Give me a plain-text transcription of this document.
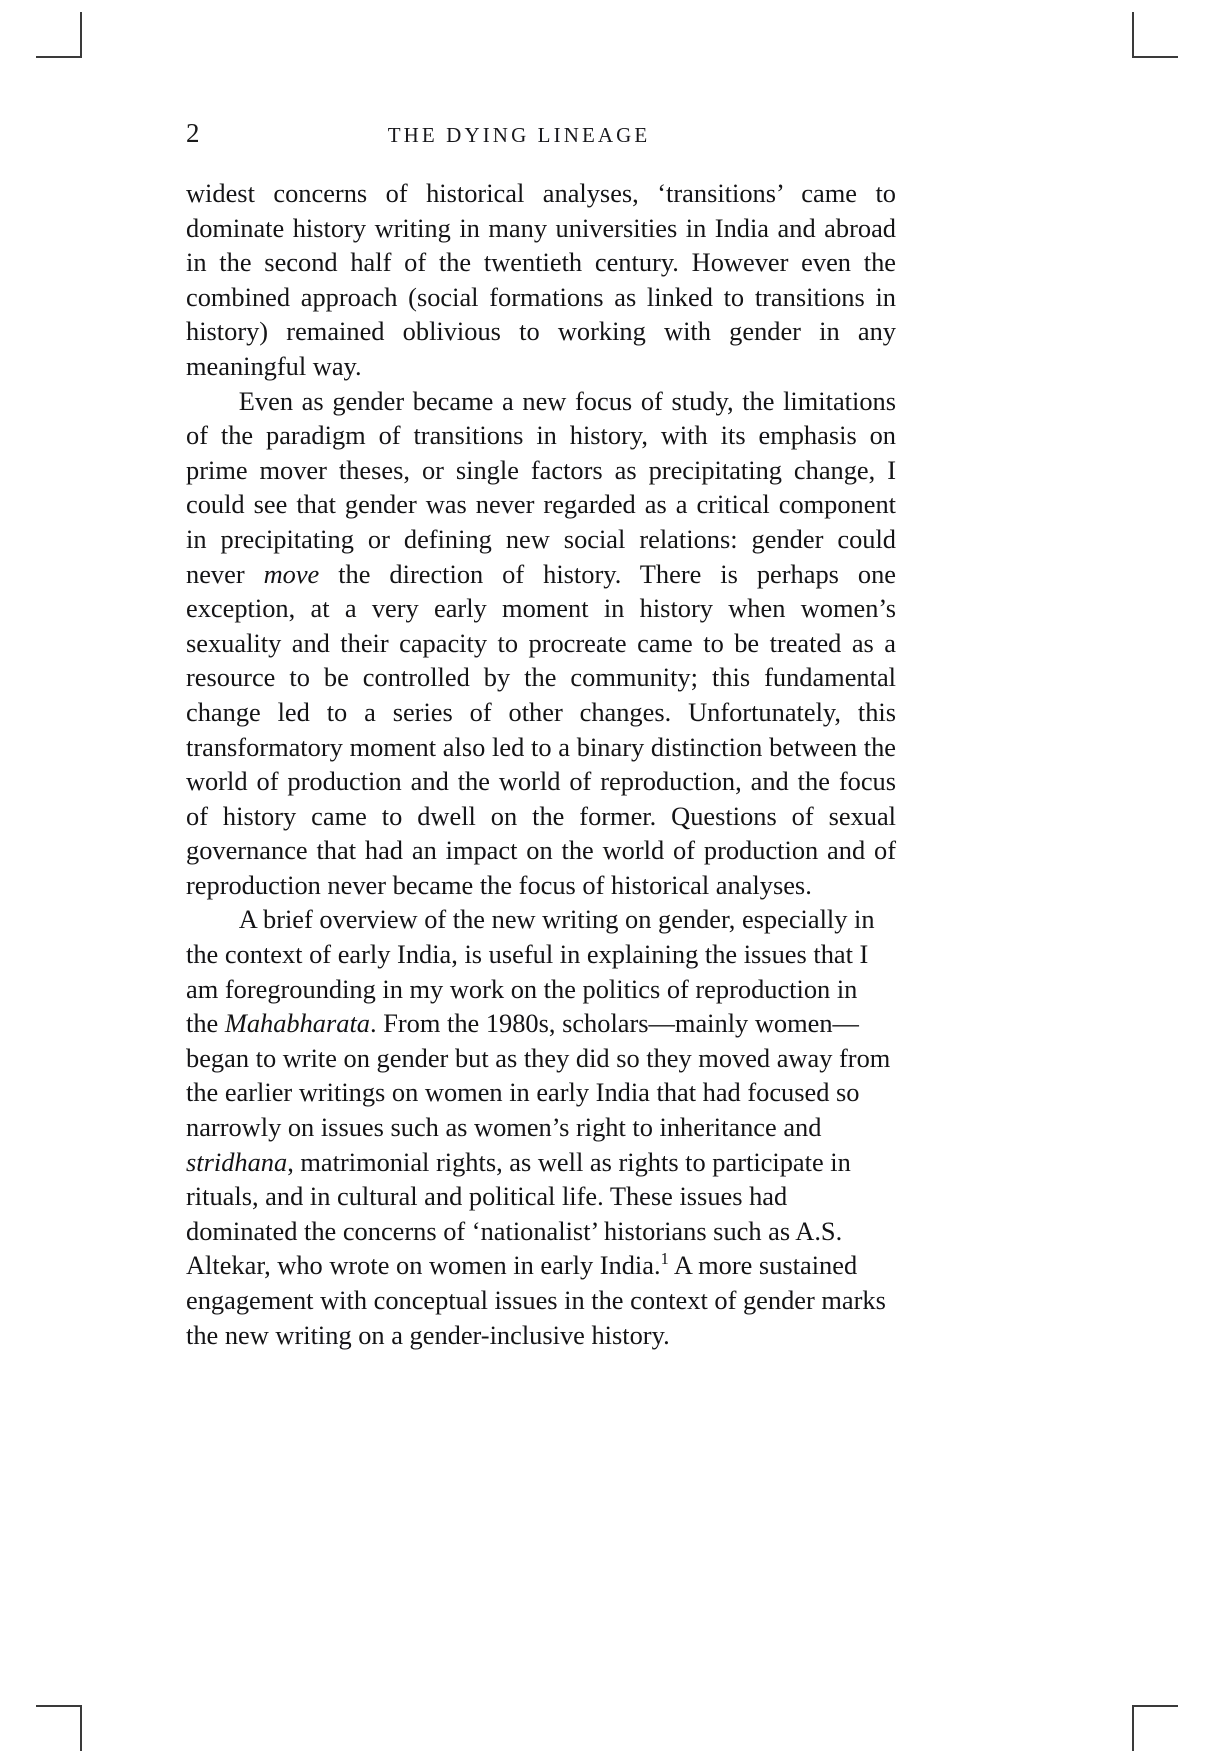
2	THE DYING LINEAGE

widest concerns of historical analyses, ‘transitions’ came to dominate history writing in many universities in India and abroad in the second half of the twentieth century. However even the combined approach (social formations as linked to transitions in history) remained oblivious to working with gender in any meaningful way.

Even as gender became a new focus of study, the limitations of the paradigm of transitions in history, with its emphasis on prime mover theses, or single factors as precipitating change, I could see that gender was never regarded as a critical component in precipitating or defining new social relations: gender could never move the direction of history. There is perhaps one exception, at a very early moment in history when women’s sexuality and their capacity to procreate came to be treated as a resource to be controlled by the community; this fundamental change led to a series of other changes. Unfortunately, this transformatory moment also led to a binary distinction between the world of production and the world of reproduction, and the focus of history came to dwell on the former. Questions of sexual governance that had an impact on the world of production and of reproduction never became the focus of historical analyses.

A brief overview of the new writing on gender, especially in the context of early India, is useful in explaining the issues that I am foregrounding in my work on the politics of reproduction in the Mahabharata. From the 1980s, scholars—mainly women—began to write on gender but as they did so they moved away from the earlier writings on women in early India that had focused so narrowly on issues such as women’s right to inheritance and stridhana, matrimonial rights, as well as rights to participate in rituals, and in cultural and political life. These issues had dominated the concerns of ‘nationalist’ historians such as A.S. Altekar, who wrote on women in early India.$^1$ A more sustained engagement with conceptual issues in the context of gender marks the new writing on a gender-inclusive history.
